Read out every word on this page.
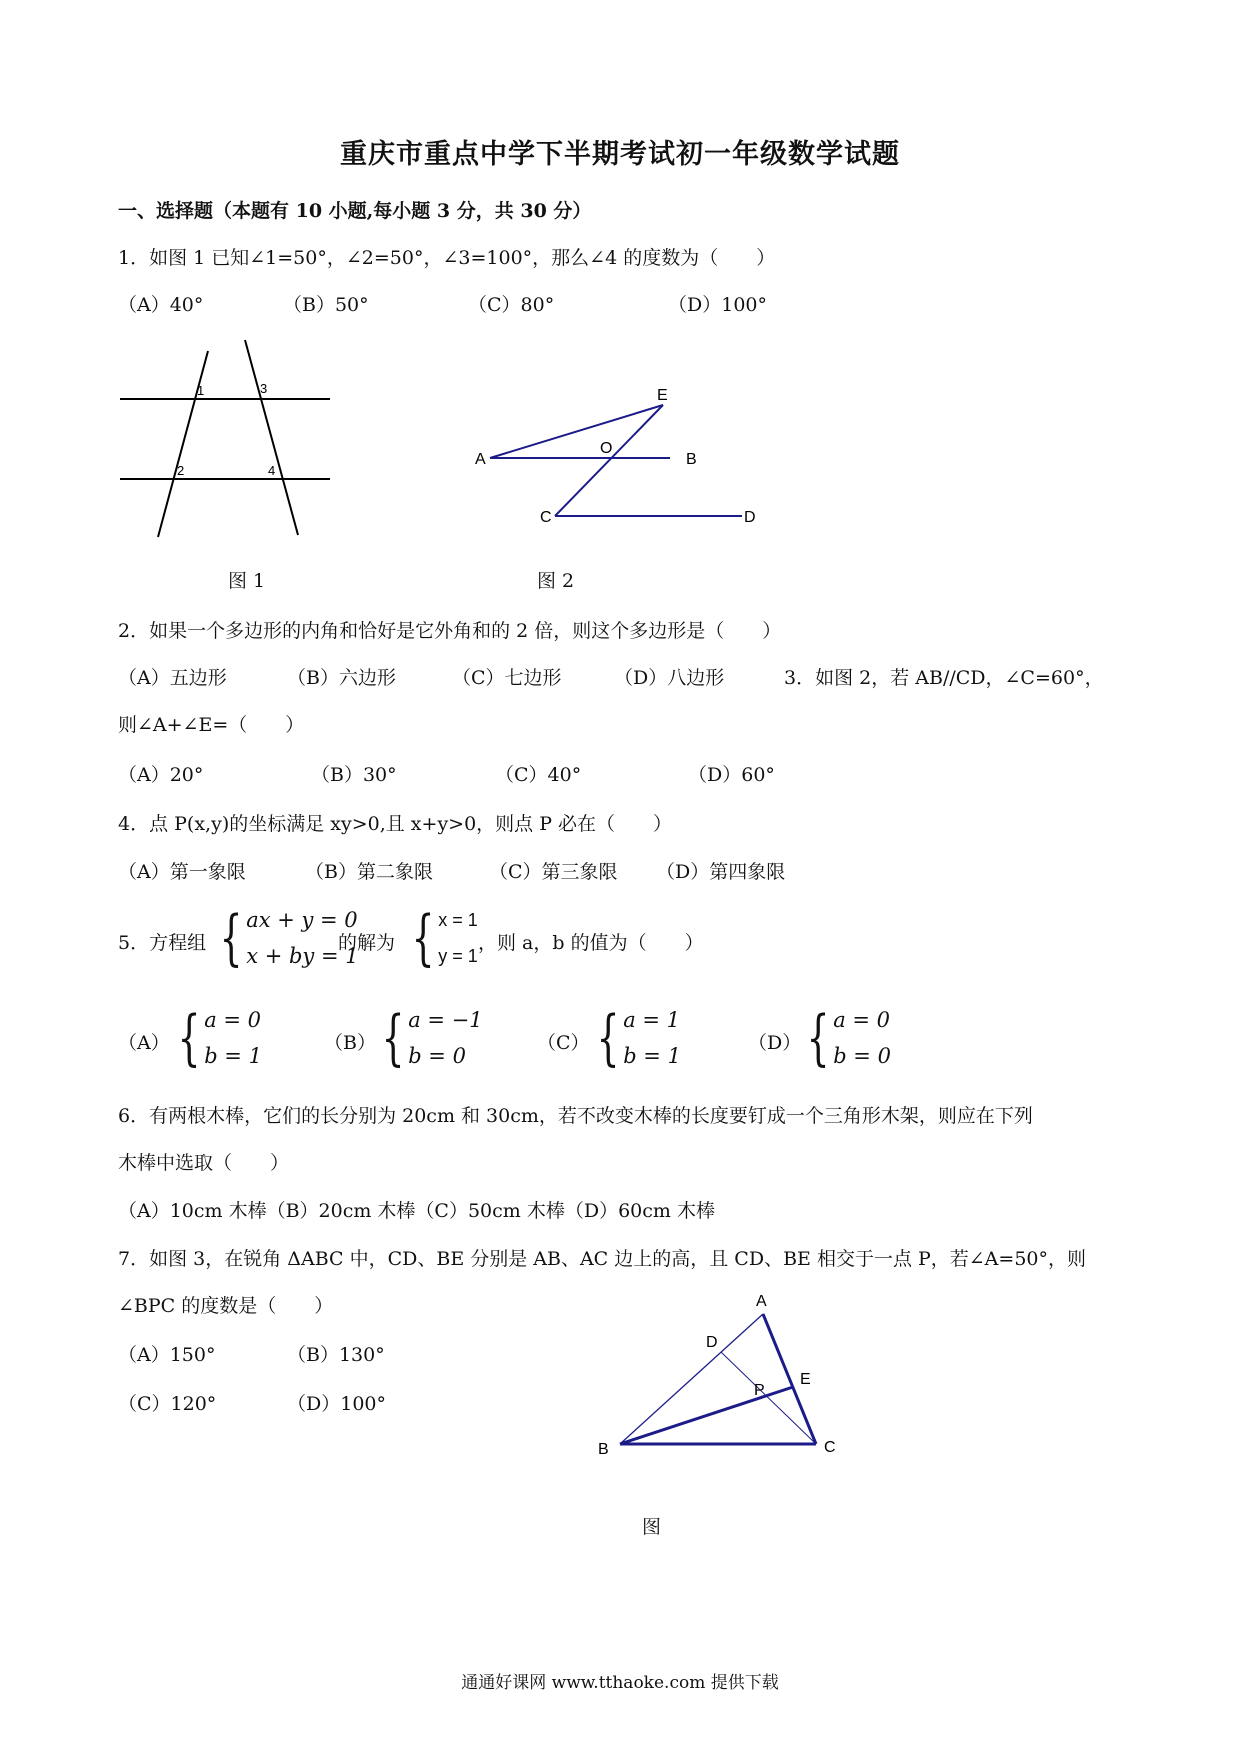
重庆市重点中学下半期考试初一年级数学试题
一、选择题（本题有 10 小题,每小题 3 分，共 30 分）
1．如图 1 已知∠1=50°，∠2=50°，∠3=100°，那么∠4 的度数为（　　）
（A）40°	（B）50°	（C）80°	（D）100°
1	3
2	4
图 1
E
A
O
B
C	D
图 2
2．如果一个多边形的内角和恰好是它外角和的 2 倍，则这个多边形是（　　）
（A）五边形	（B）六边形	（C）七边形	（D）八边形	3．如图 2，若 AB//CD，∠C=60°，
则∠A+∠E=（　　）
（A）20°	（B）30°	（C）40°	（D）60°
4．点 P(x,y)的坐标满足 xy>0,且 x+y>0，则点 P 必在（　　）
（A）第一象限	（B）第二象限	（C）第三象限 （D）第四象限
5．方程组 { ax + y = 0
x + by = 1
的解为 { x = 1
y = 1
，则 a，b 的值为（　　）
（A） { a = 0
b = 1
（B） { a = −1
b = 0
（C） { a = 1
b = 1
（D） { a = 0
b = 0
6．有两根木棒，它们的长分别为 20cm 和 30cm，若不改变木棒的长度要钉成一个三角形木架，则应在下列
木棒中选取（　　）
（A）10cm 木棒（B）20cm 木棒（C）50cm 木棒（D）60cm 木棒
7．如图 3，在锐角 ΔABC 中，CD、BE 分别是 AB、AC 边上的高，且 CD、BE 相交于一点 P，若∠A=50°，则
∠BPC 的度数是（　　）
（A）150°	（B）130°
（C）120°	（D）100°
A
D
E
P
B	C
图
通通好课网 www.tthaoke.com 提供下载
